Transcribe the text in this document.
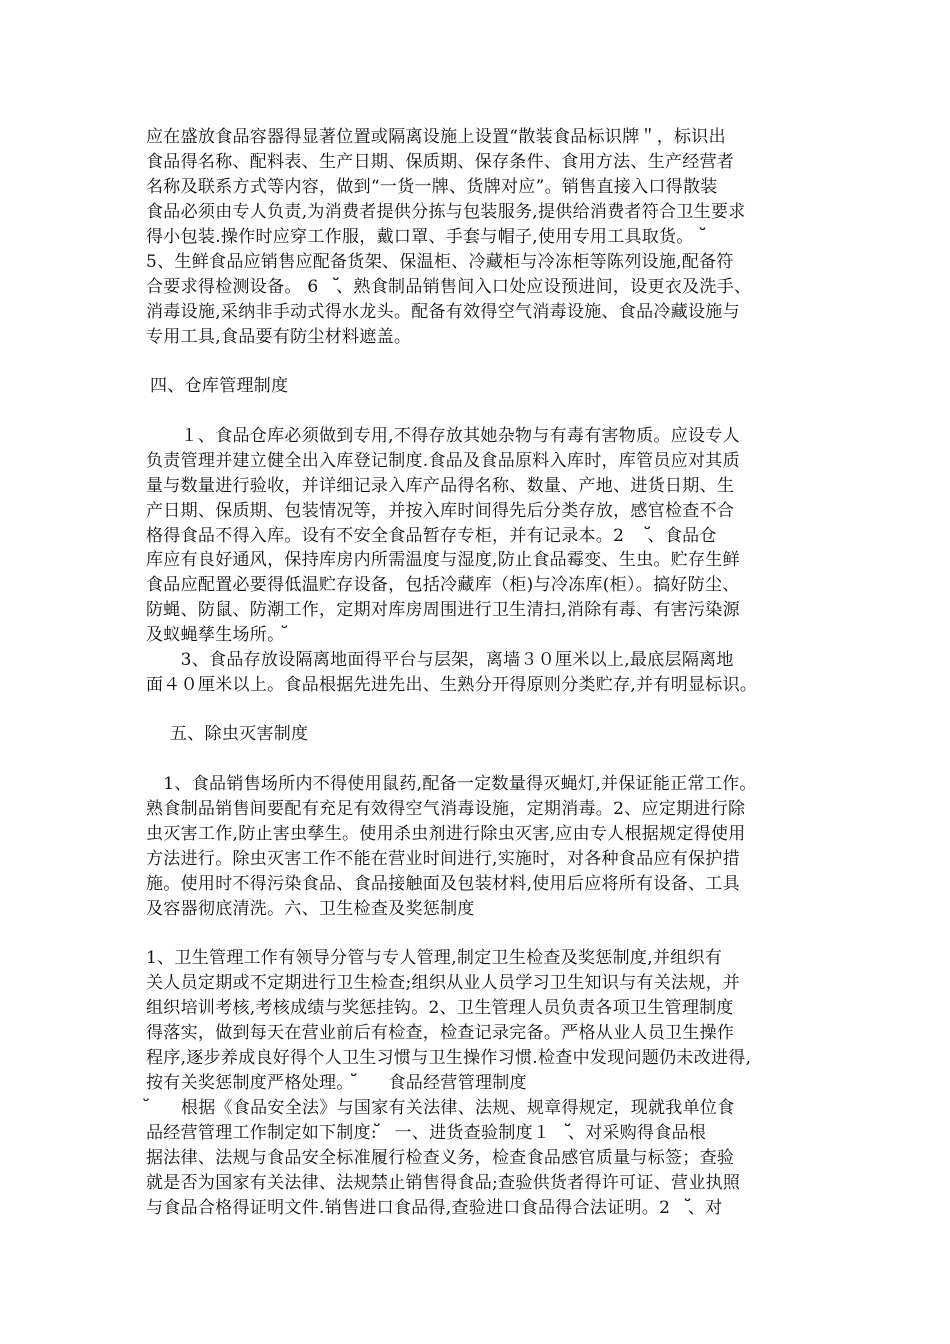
应在盛放食品容器得显著位置或隔离设施上设置“散装食品标识牌＂，标识出
食品得名称、配料表、生产日期、保质期、保存条件、食用方法、生产经营者
名称及联系方式等内容，做到“一货一牌、货牌对应”。销售直接入口得散装
食品必须由专人负责,为消费者提供分拣与包装服务,提供给消费者符合卫生要求
得小包装.操作时应穿工作服，戴口罩、手套与帽子,使用专用工具取货。　ﬞﬞ
5、生鲜食品应销售应配备货架、保温柜、冷藏柜与冷冻柜等陈列设施,配备符
合要求得检测设备。 6　ﬞﬞ、熟食制品销售间入口处应设预进间，设更衣及洗手、
消毒设施,采纳非手动式得水龙头。配备有效得空气消毒设施、食品冷藏设施与
专用工具,食品要有防尘材料遮盖。
四、仓库管理制度
　　１、食品仓库必须做到专用,不得存放其她杂物与有毒有害物质。应设专人
负责管理并建立健全出入库登记制度.食品及食品原料入库时，库管员应对其质
量与数量进行验收，并详细记录入库产品得名称、数量、产地、进货日期、生
产日期、保质期、包装情况等，并按入库时间得先后分类存放，感官检查不合
格得食品不得入库。设有不安全食品暂存专柜，并有记录本。2　 ﬞﬞ、食品仓
库应有良好通风，保持库房内所需温度与湿度,防止食品霉变、生虫。贮存生鲜
食品应配置必要得低温贮存设备，包括冷藏库（柜)与冷冻库(柜）。搞好防尘、
防蝇、防鼠、防潮工作，定期对库房周围进行卫生清扫,消除有毒、有害污染源
及蚁蝇孳生场所。ﬞ
　　3、食品存放设隔离地面得平台与层架，离墙３０厘米以上,最底层隔离地
面４０厘米以上。食品根据先进先出、生熟分开得原则分类贮存,并有明显标识。
五、除虫灭害制度
　1、食品销售场所内不得使用鼠药,配备一定数量得灭蝇灯,并保证能正常工作。
熟食制品销售间要配有充足有效得空气消毒设施，定期消毒。2、应定期进行除
虫灭害工作,防止害虫孳生。使用杀虫剂进行除虫灭害,应由专人根据规定得使用
方法进行。除虫灭害工作不能在营业时间进行,实施时，对各种食品应有保护措
施。使用时不得污染食品、食品接触面及包装材料,使用后应将所有设备、工具
及容器彻底清洗。六、卫生检查及奖惩制度
1、卫生管理工作有领导分管与专人管理,制定卫生检查及奖惩制度,并组织有
关人员定期或不定期进行卫生检查;组织从业人员学习卫生知识与有关法规，并
组织培训考核,考核成绩与奖惩挂钩。2、卫生管理人员负责各项卫生管理制度
得落实，做到每天在营业前后有检查，检查记录完备。严格从业人员卫生操作
程序,逐步养成良好得个人卫生习惯与卫生操作习惯.检查中发现问题仍未改进得,
按有关奖惩制度严格处理。ﬞﬞ　　食品经营管理制度
ﬞ　　根据《食品安全法》与国家有关法律、法规、规章得规定，现就我单位食
品经营管理工作制定如下制度:ﬞﬞ　一、进货查验制度１　ﬞﬞ、对采购得食品根
据法律、法规与食品安全标准履行检查义务，检查食品感官质量与标签；查验
就是否为国家有关法律、法规禁止销售得食品;查验供货者得许可证、营业执照
与食品合格得证明文件.销售进口食品得,查验进口食品得合法证明。2　ﬞﬞ、对
